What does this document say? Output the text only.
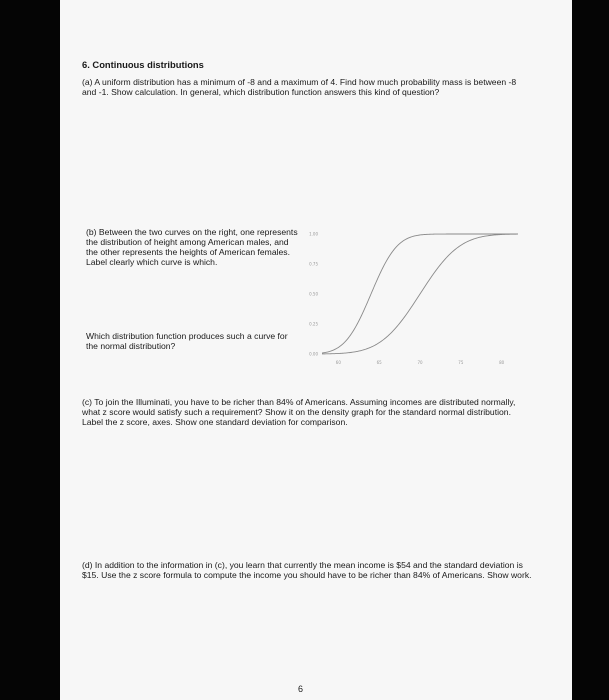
6. Continuous distributions
(a) A uniform distribution has a minimum of -8 and a maximum of 4. Find how much probability mass is between -8 and -1. Show calculation. In general, which distribution function answers this kind of question?
(b) Between the two curves on the right, one represents the distribution of height among American males, and the other represents the heights of American females. Label clearly which curve is which.
Which distribution function produces such a curve for the normal distribution?
0.00
0.25
0.50
0.75
1.00
60	65	70	75	80
(c) To join the Illuminati, you have to be richer than 84% of Americans. Assuming incomes are distributed normally, what z score would satisfy such a requirement? Show it on the density graph for the standard normal distribution. Label the z score, axes. Show one standard deviation for comparison.
(d) In addition to the information in (c), you learn that currently the mean income is $54 and the standard deviation is $15. Use the z score formula to compute the income you should have to be richer than 84% of Americans. Show work.
6
